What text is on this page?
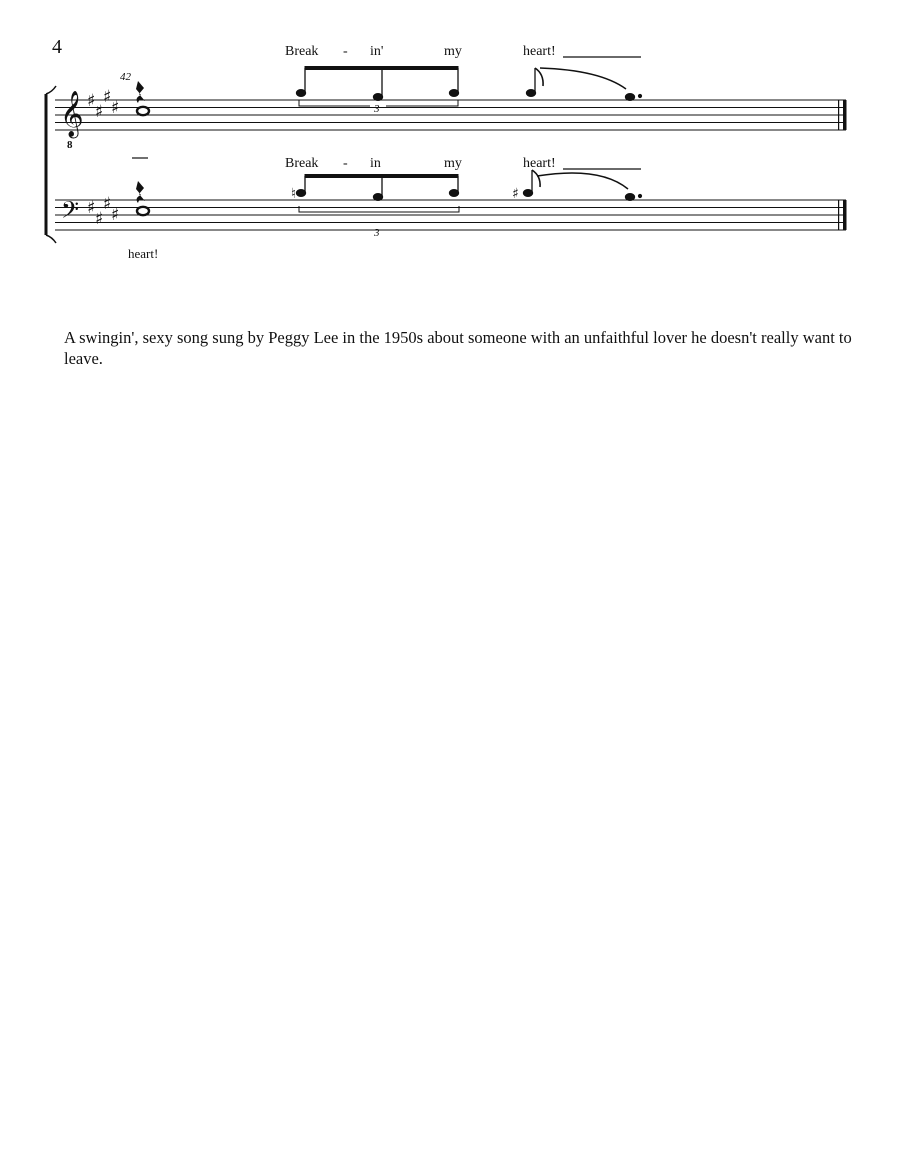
4
𝄞
𝄢
♯
♯
♯
♯
♯
♯
♯
♯
♮	♯
42
8
3
3
Break - in'	my	heart!
Break - in	my	heart!
heart!
A swingin', sexy song sung by Peggy Lee in the 1950s about someone with an unfaithful lover he doesn't really want to leave.
